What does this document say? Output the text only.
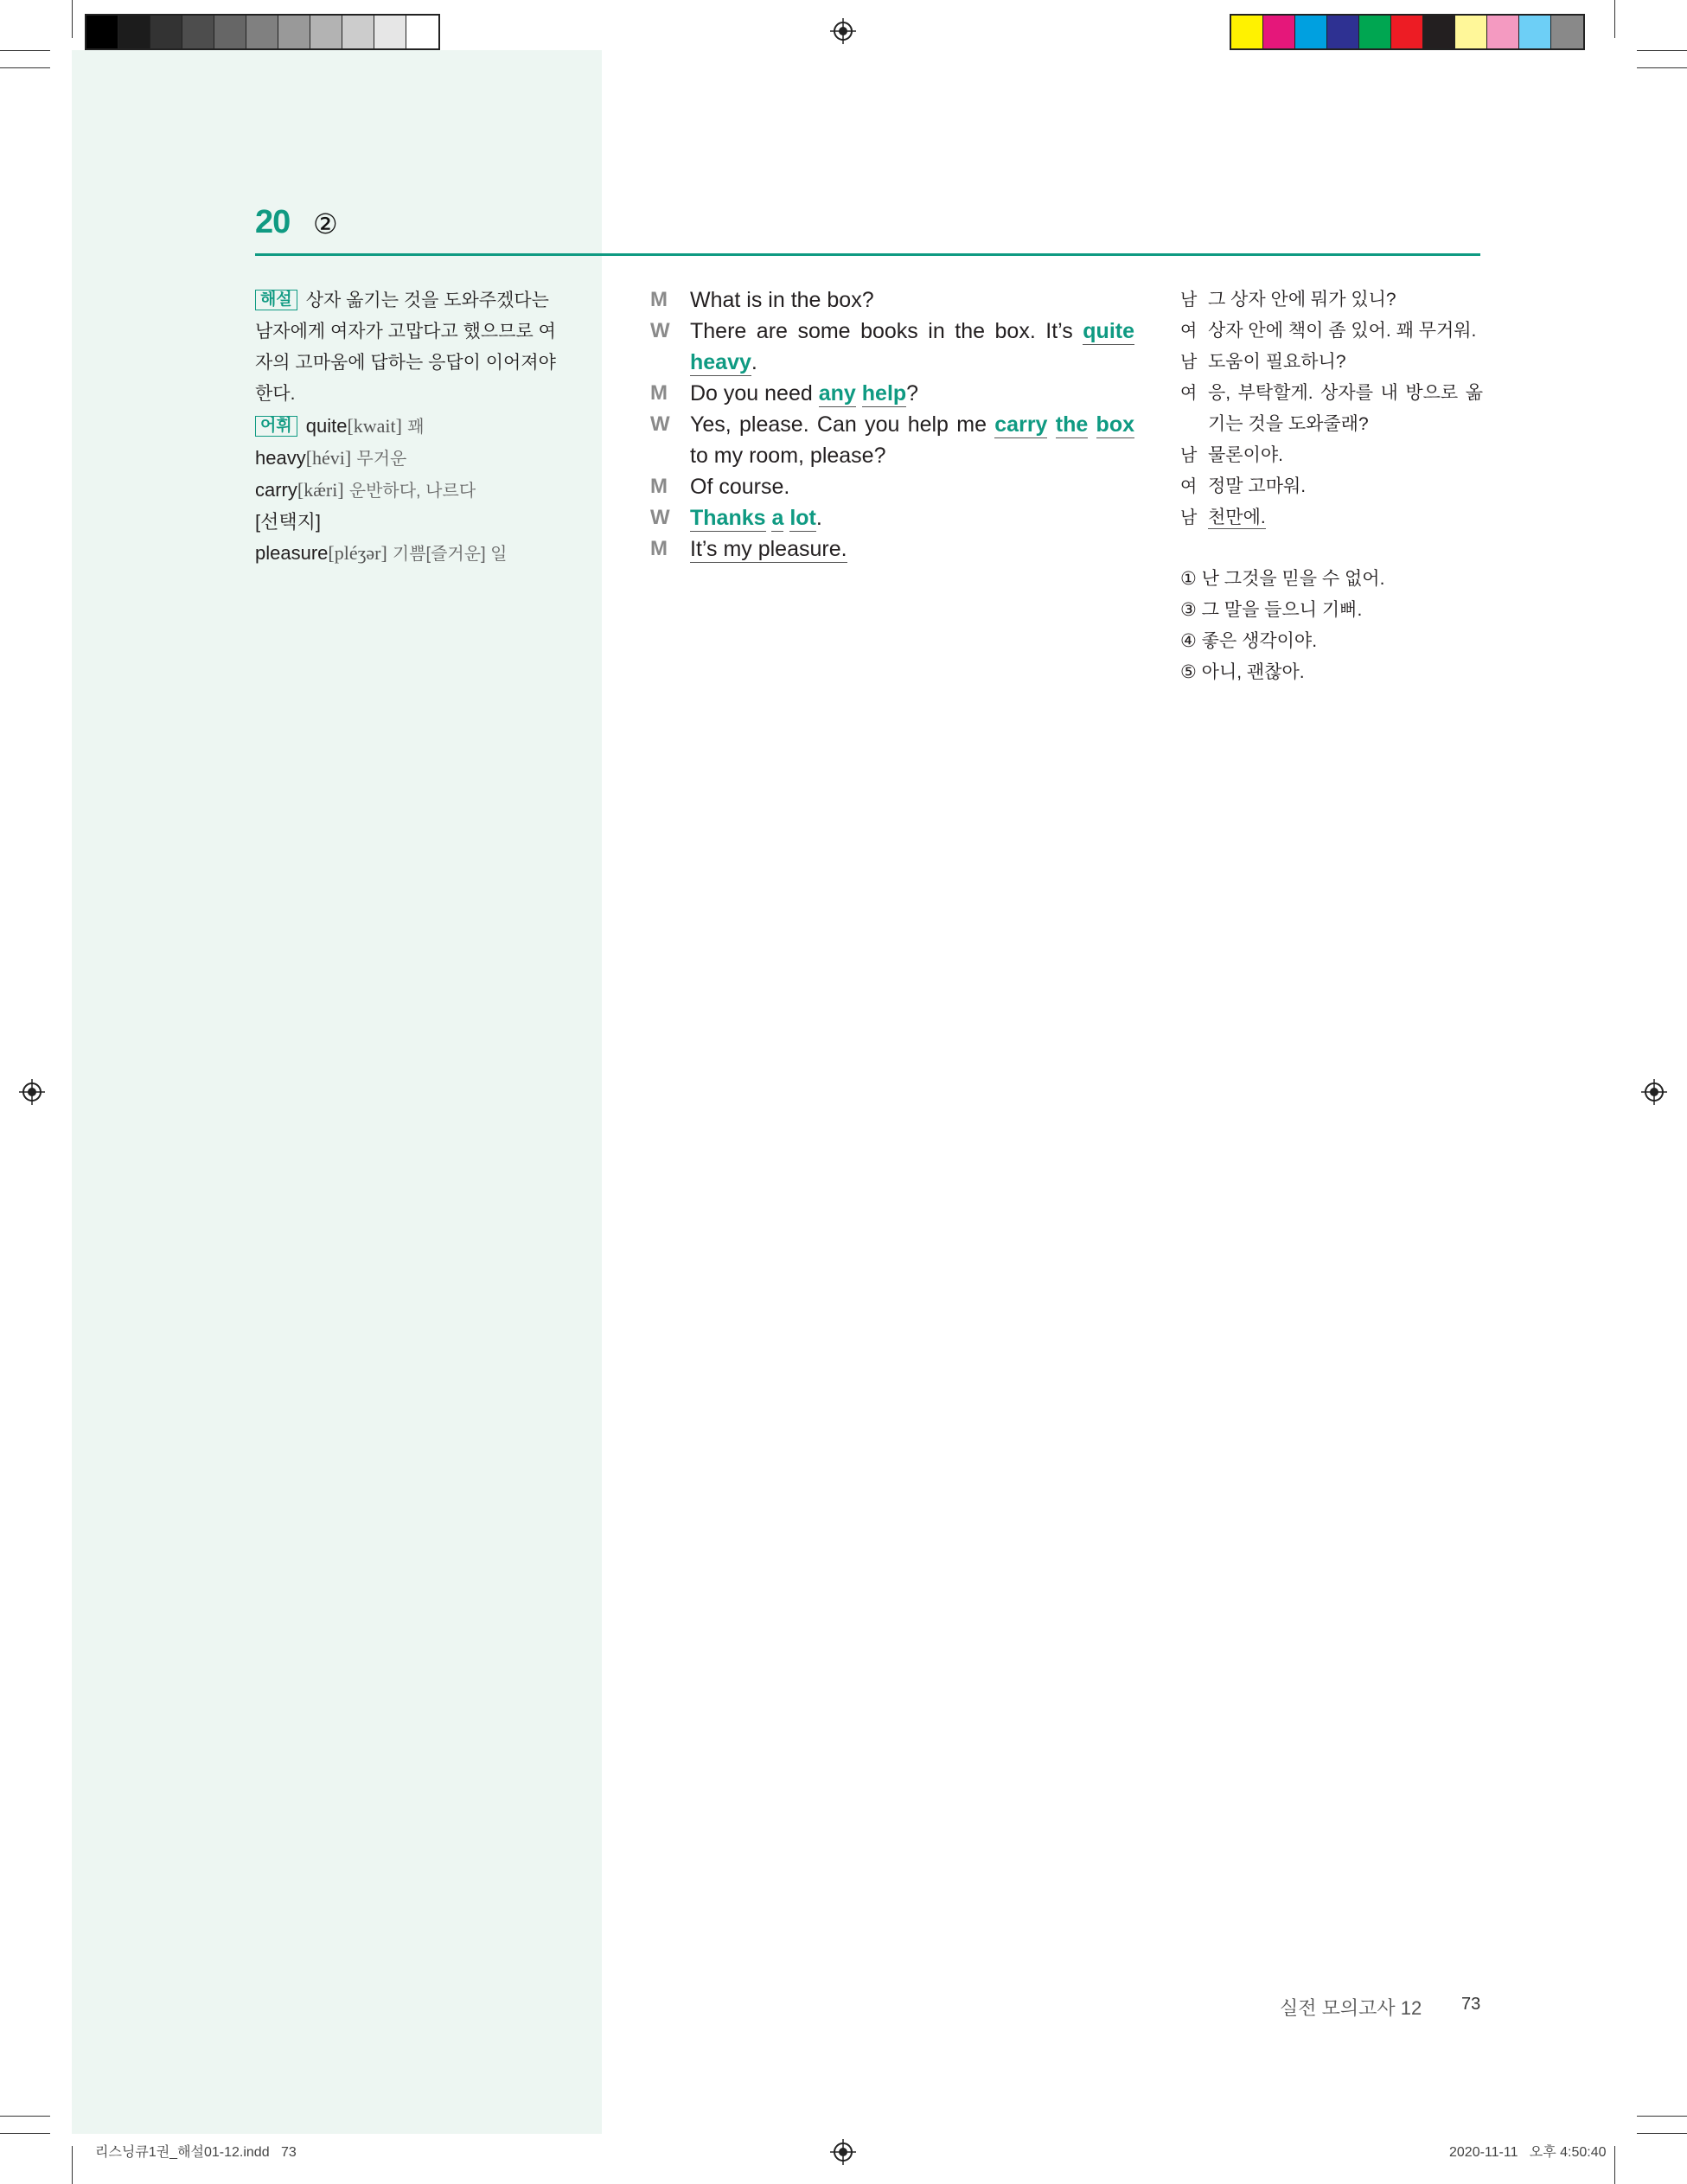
20 ②
해설 상자 옮기는 것을 도와주겠다는 남자에게 여자가 고맙다고 했으므로 여자의 고마움에 답하는 응답이 이어져야 한다.
어휘 quite[kwait] 꽤
heavy[hévi] 무거운
carry[kǽri] 운반하다, 나르다
[선택지]
pleasure[pléʒər] 기쁨[즐거운] 일
M	What is in the box?
W There are some books in the box. It’s quite heavy.
M	Do you need any help?
W Yes, please. Can you help me carry the box to my room, please?
M	Of course.
W Thanks a lot.
M	It’s my pleasure.
남 그 상자 안에 뭐가 있니?
여 상자 안에 책이 좀 있어. 꽤 무거워.
남 도움이 필요하니?
여 응, 부탁할게. 상자를 내 방으로 옮기는 것을 도와줄래?
남 물론이야.
여 정말 고마워.
남 천만에.
① 난 그것을 믿을 수 없어.
③ 그 말을 들으니 기뻐.
④ 좋은 생각이야.
⑤ 아니, 괜찮아.
실전 모의고사 12 73
리스닝큐1권_해설01-12.indd   73	2020-11-11   오후 4:50:40
